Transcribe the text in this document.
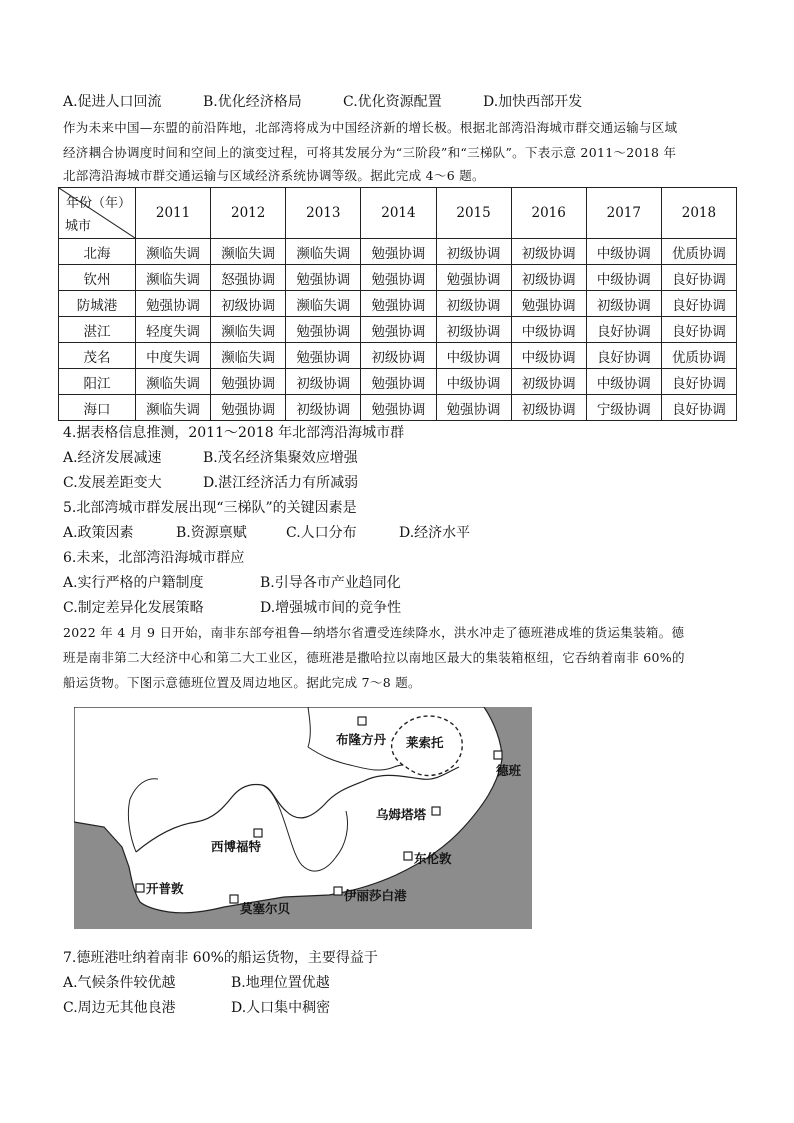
A.促进人口回流	B.优化经济格局	C.优化资源配置	D.加快西部开发
作为未来中国—东盟的前沿阵地，北部湾将成为中国经济新的增长极。根据北部湾沿海城市群交通运输与区域
经济耦合协调度时间和空间上的演变过程，可将其发展分为“三阶段”和“三梯队”。下表示意 2011～2018 年
北部湾沿海城市群交通运输与区域经济系统协调等级。据此完成 4～6 题。
年份（年）
城市	2011	2012	2013	2014	2015	2016	2017	2018
北海	濒临失调	濒临失调	濒临失调	勉强协调	初级协调	初级协调	中级协调	优质协调
钦州	濒临失调	怒强协调	勉强协调	勉强协调	勉强协调	初级协调	中级协调	良好协调
防城港	勉强协调	初级协调	濒临失调	勉强协调	初级协调	勉强协调	初级协调	良好协调
湛江	轻度失调	濒临失调	勉强协调	勉强协调	初级协调	中级协调	良好协调	良好协调
茂名	中度失调	濒临失调	勉强协调	初级协调	中级协调	中级协调	良好协调	优质协调
阳江	濒临失调	勉强协调	初级协调	勉强协调	中级协调	初级协调	中级协调	良好协调
海口	濒临失调	勉强协调	初级协调	勉强协调	勉强协调	初级协调	宁级协调	良好协调
4.据表格信息推测，2011～2018 年北部湾沿海城市群
A.经济发展减速	B.茂名经济集聚效应增强
C.发展差距变大	D.湛江经济活力有所减弱
5.北部湾城市群发展出现“三梯队”的关键因素是
A.政策因素	B.资源禀赋	C.人口分布	D.经济水平
6.未来，北部湾沿海城市群应
A.实行严格的户籍制度	B.引导各市产业趋同化
C.制定差异化发展策略	D.增强城市间的竞争性
2022 年 4 月 9 日开始，南非东部夸祖鲁—纳塔尔省遭受连续降水，洪水冲走了德班港成堆的货运集装箱。德
班是南非第二大经济中心和第二大工业区，德班港是撒哈拉以南地区最大的集装箱枢纽，它吞纳着南非 60%的
船运货物。下图示意德班位置及周边地区。据此完成 7～8 题。
布隆方丹 莱索托
德班
乌姆塔塔
西博福特
东伦敦
开普敦
莫塞尔贝
伊丽莎白港
7.德班港吐纳着南非 60%的船运货物，主要得益于
A.气候条件较优越	B.地理位置优越
C.周边无其他良港	D.人口集中稠密
